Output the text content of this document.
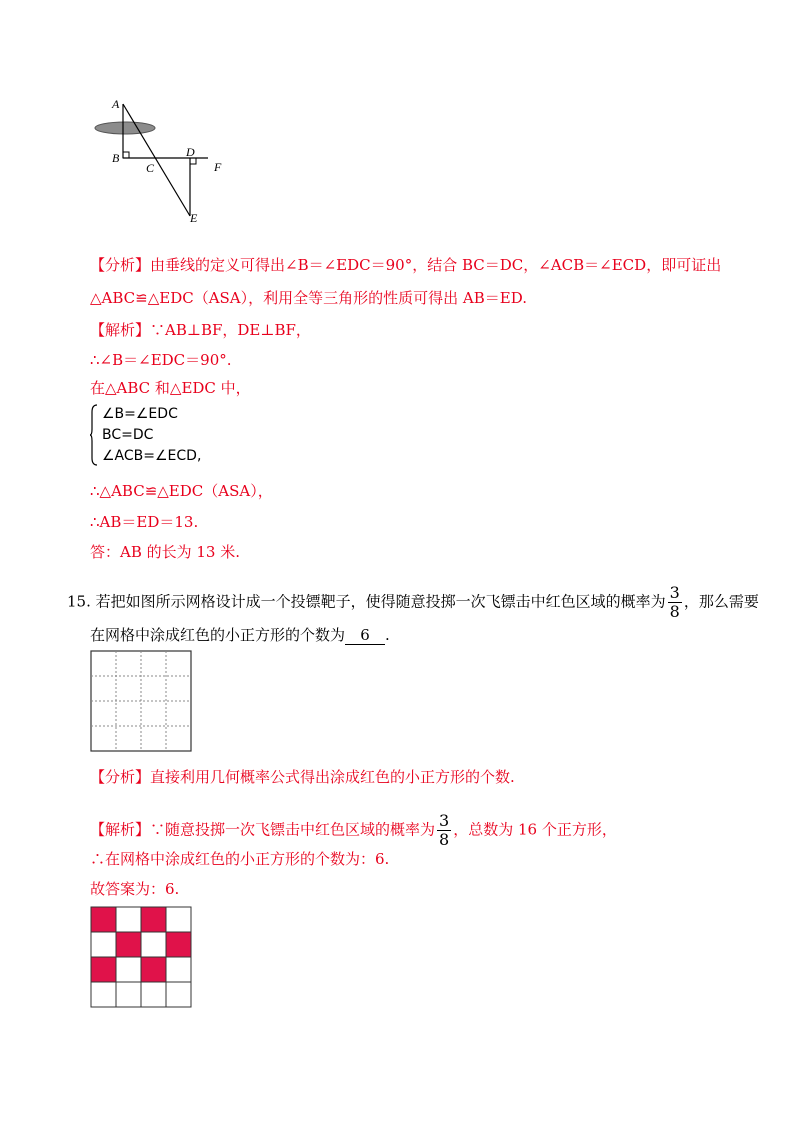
A
B
C
D
E
F
【分析】由垂线的定义可得出∠B＝∠EDC＝90°，结合 BC＝DC，∠ACB＝∠ECD，即可证出
△ABC≌△EDC（ASA），利用全等三角形的性质可得出 AB＝ED.
【解析】∵AB⊥BF，DE⊥BF，
∴∠B＝∠EDC＝90°.
在△ABC 和△EDC 中，
∠B=∠EDC
BC=DC
∠ACB=∠ECD,
∴△ABC≌△EDC（ASA），
∴AB＝ED＝13.
答：AB 的长为 13 米.
15. 若把如图所示网格设计成一个投镖靶子，使得随意投掷一次飞镖击中红色区域的概率为 $\frac{3}{8}$ ，那么需要
在网格中涂成红色的小正方形的个数为 6 .
【分析】直接利用几何概率公式得出涂成红色的小正方形的个数.
【解析】∵随意投掷一次飞镖击中红色区域的概率为 $\frac{3}{8}$ ，总数为 16 个正方形，
∴在网格中涂成红色的小正方形的个数为：6.
故答案为：6.
